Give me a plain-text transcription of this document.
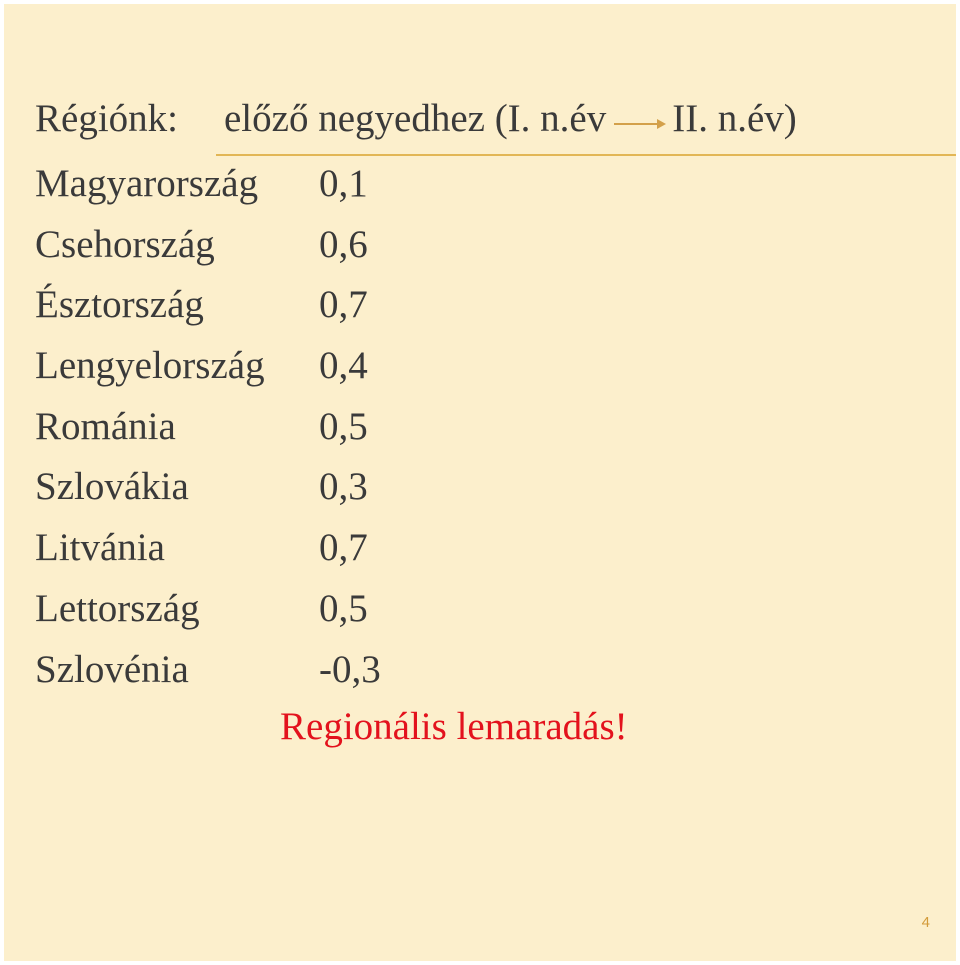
Régiónk: előző negyedhez (I. n.év II. n.év)
Magyarország 0,1
Csehország	0,6
Észtország	0,7
Lengyelország 0,4
Románia	0,5
Szlovákia	0,3
Litvánia	0,7
Lettország	0,5
Szlovénia	-0,3
Regionális lemaradás!
4
